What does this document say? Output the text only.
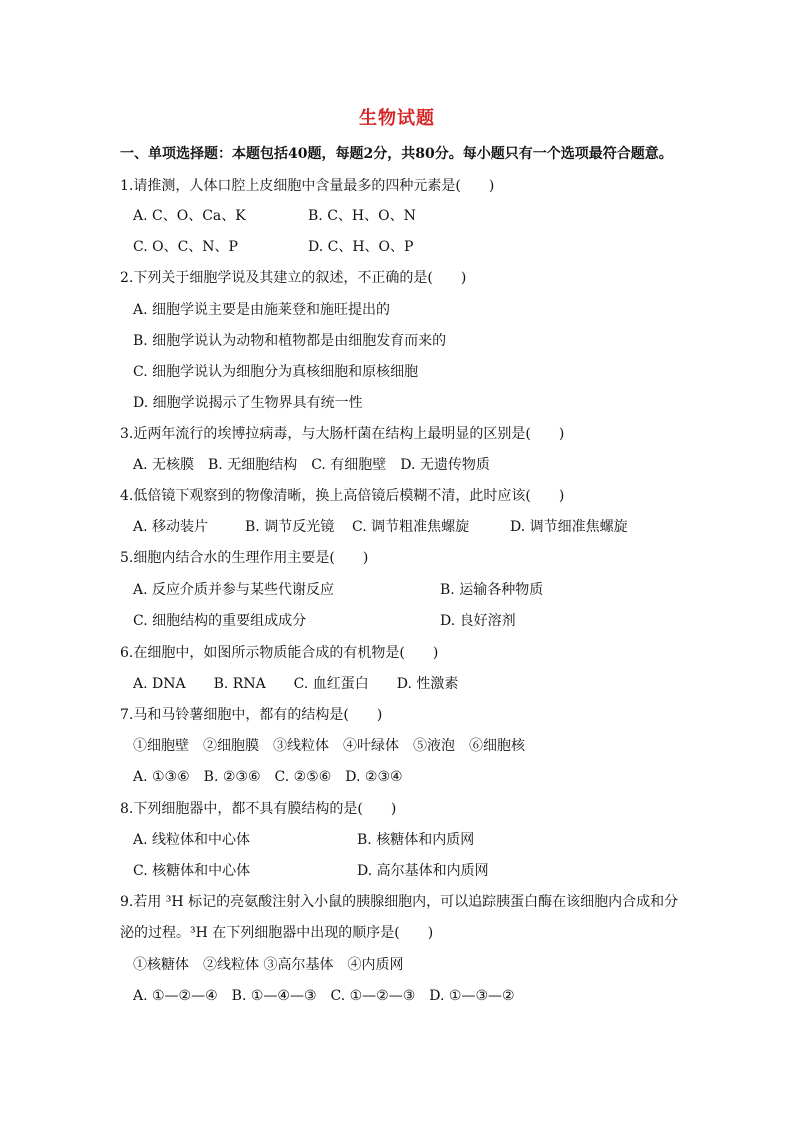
生物试题
一、单项选择题：本题包括40题，每题2分，共80分。每小题只有一个选项最符合题意。
1.请推测，人体口腔上皮细胞中含量最多的四种元素是(　　)
A. C、O、Ca、K	B. C、H、O、N
C. O、C、N、P	D. C、H、O、P
2.下列关于细胞学说及其建立的叙述，不正确的是(　　)
A. 细胞学说主要是由施莱登和施旺提出的
B. 细胞学说认为动物和植物都是由细胞发育而来的
C. 细胞学说认为细胞分为真核细胞和原核细胞
D. 细胞学说揭示了生物界具有统一性
3.近两年流行的埃博拉病毒，与大肠杆菌在结构上最明显的区别是(　　)
A. 无核膜　B. 无细胞结构　C. 有细胞壁　D. 无遗传物质
4.低倍镜下观察到的物像清晰，换上高倍镜后模糊不清，此时应该(　　)
A. 移动装片	B. 调节反光镜 C. 调节粗准焦螺旋	D. 调节细准焦螺旋
5.细胞内结合水的生理作用主要是(　　)
A. 反应介质并参与某些代谢反应	B. 运输各种物质
C. 细胞结构的重要组成成分	D. 良好溶剂
6.在细胞中，如图所示物质能合成的有机物是(　　)
A. DNA　　B. RNA　　C. 血红蛋白　　D. 性激素
7.马和马铃薯细胞中，都有的结构是(　　)
①细胞壁　②细胞膜　③线粒体　④叶绿体　⑤液泡　⑥细胞核
A. ①③⑥　B. ②③⑥　C. ②⑤⑥　D. ②③④
8.下列细胞器中，都不具有膜结构的是(　　)
A. 线粒体和中心体	B. 核糖体和内质网
C. 核糖体和中心体	D. 高尔基体和内质网
9.若用 ³H 标记的亮氨酸注射入小鼠的胰腺细胞内，可以追踪胰蛋白酶在该细胞内合成和分
泌的过程。³H 在下列细胞器中出现的顺序是(　　)
①核糖体　②线粒体 ③高尔基体　④内质网
A. ①—②—④　B. ①—④—③　C. ①—②—③　D. ①—③—②
